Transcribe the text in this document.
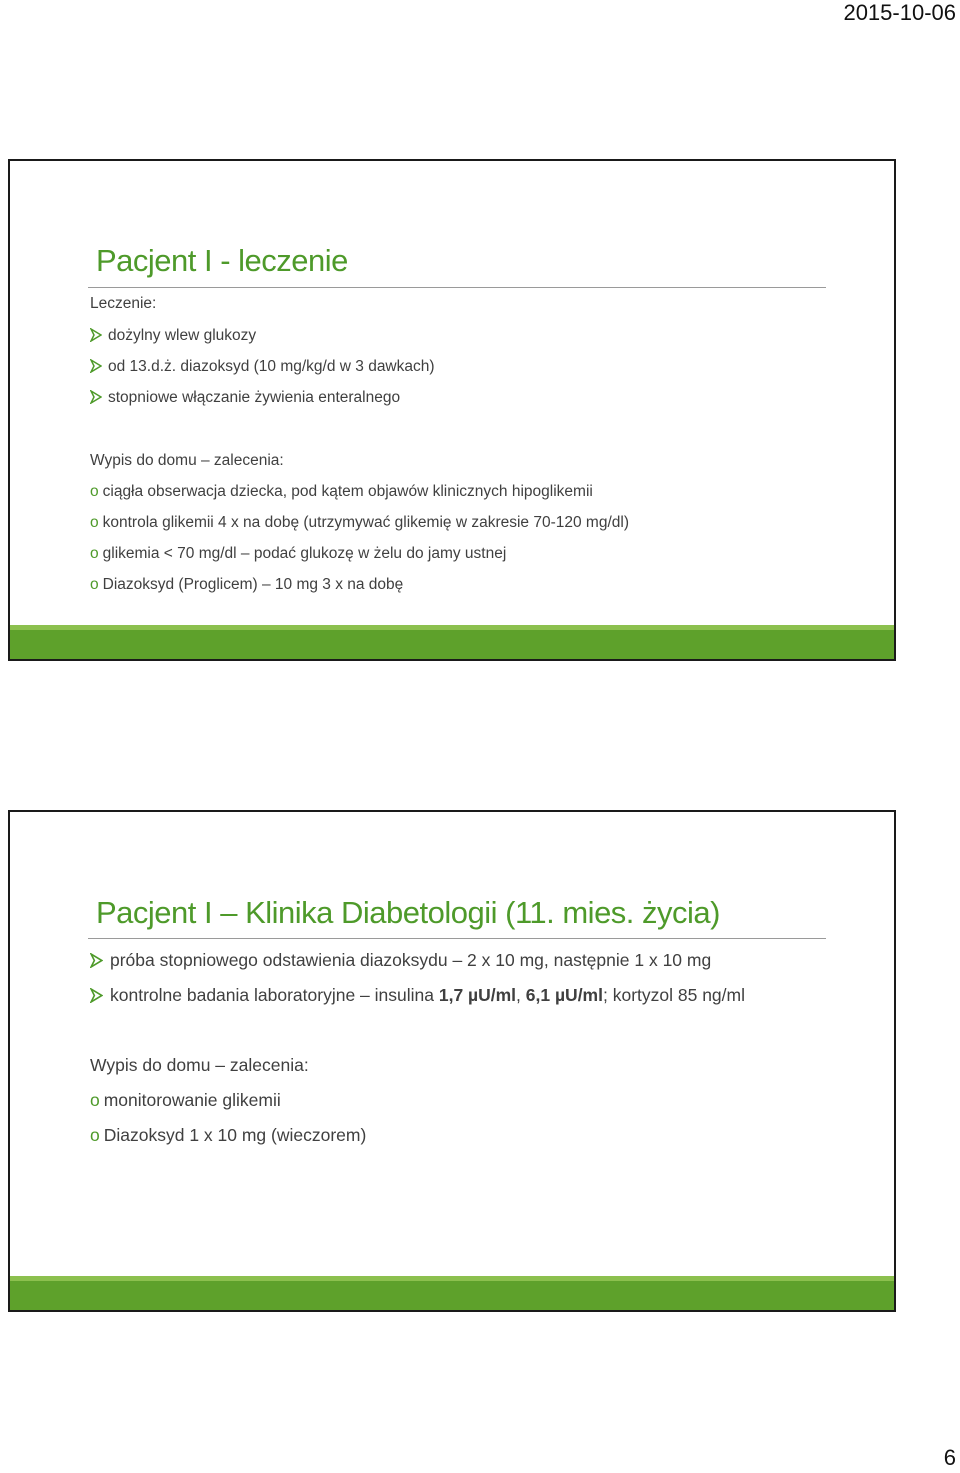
2015-10-06
Pacjent I - leczenie
Leczenie:
dożylny wlew glukozy
od 13.d.ż. diazoksyd (10 mg/kg/d w 3 dawkach)
stopniowe włączanie żywienia enteralnego
Wypis do domu – zalecenia:
o ciągła obserwacja dziecka, pod kątem objawów klinicznych hipoglikemii
o kontrola glikemii 4 x na dobę (utrzymywać glikemię w zakresie 70-120 mg/dl)
o glikemia < 70 mg/dl – podać glukozę w żelu do jamy ustnej
o Diazoksyd (Proglicem) – 10 mg 3 x na dobę
Pacjent I – Klinika Diabetologii (11. mies. życia)
próba stopniowego odstawienia diazoksydu – 2 x 10 mg, następnie 1 x 10 mg
kontrolne badania laboratoryjne – insulina 1,7 µU/ml, 6,1 µU/ml; kortyzol 85 ng/ml
Wypis do domu – zalecenia:
o monitorowanie glikemii
o Diazoksyd 1 x 10 mg (wieczorem)
6
